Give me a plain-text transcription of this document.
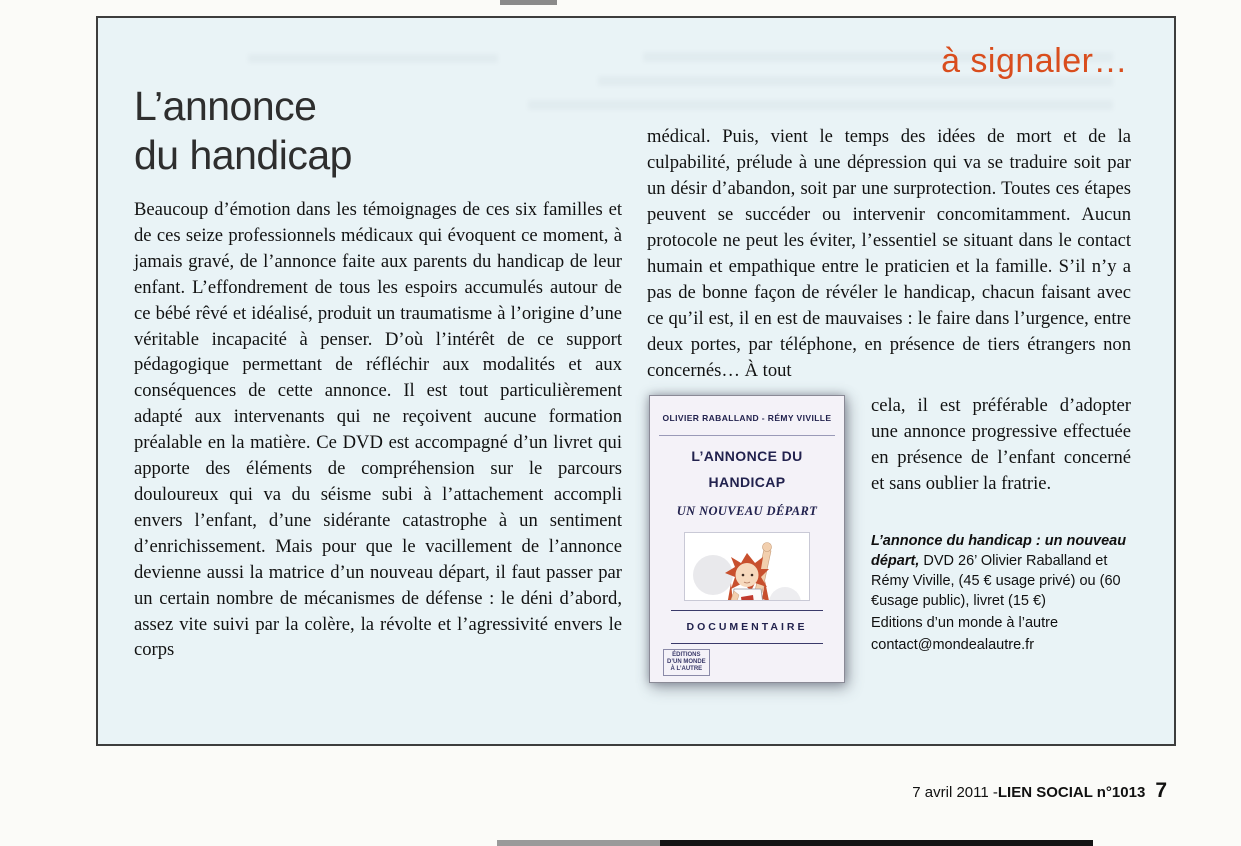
à signaler…
L’annonce
du handicap

Beaucoup d’émotion dans les témoignages de ces six familles et de ces seize professionnels médicaux qui évoquent ce moment, à jamais gravé, de l’annonce faite aux parents du handicap de leur enfant. L’effondrement de tous les espoirs accumulés autour de ce bébé rêvé et idéalisé, produit un traumatisme à l’origine d’une véritable incapacité à penser. D’où l’intérêt de ce support pédagogique permettant de réfléchir aux modalités et aux conséquences de cette annonce. Il est tout particulièrement adapté aux intervenants qui ne reçoivent aucune formation préalable en la matière. Ce DVD est accompagné d’un livret qui apporte des éléments de compréhension sur le parcours douloureux qui va du séisme subi à l’attachement accompli envers l’enfant, d’une sidérante catastrophe à un sentiment d’enrichissement. Mais pour que le vacillement de l’annonce devienne aussi la matrice d’un nouveau départ, il faut passer par un certain nombre de mécanismes de défense : le déni d’abord, assez vite suivi par la colère, la révolte et l’agressivité envers le corps

médical. Puis, vient le temps des idées de mort et de la culpabilité, prélude à une dépression qui va se traduire soit par un désir d’abandon, soit par une surprotection. Toutes ces étapes peuvent se succéder ou intervenir concomitamment. Aucun protocole ne peut les éviter, l’essentiel se situant dans le contact humain et empathique entre le praticien et la famille. S’il n’y a pas de bonne façon de révéler le handicap, chacun faisant avec ce qu’il est, il en est de mauvaises : le faire dans l’urgence, entre deux portes, par téléphone, en présence de tiers étrangers non concernés… À tout

OLIVIER RABALLAND - RÉMY VIVILLE
L’ANNONCE DU HANDICAP
UN NOUVEAU DÉPART
DOCUMENTAIRE
ÉDITIONS
D’UN MONDE
À L’AUTRE

cela, il est préférable d’adopter une annonce progressive effectuée en présence de l’enfant concerné et sans oublier la fratrie.

L’annonce du handicap : un nouveau départ, DVD 26’ Olivier Raballand et Rémy Viville, (45 € usage privé) ou (60 €usage public), livret (15 €)

Editions d’un monde à l’autre
contact@mondealautre.fr
7 avril 2011 - LIEN SOCIAL n°1013 7
